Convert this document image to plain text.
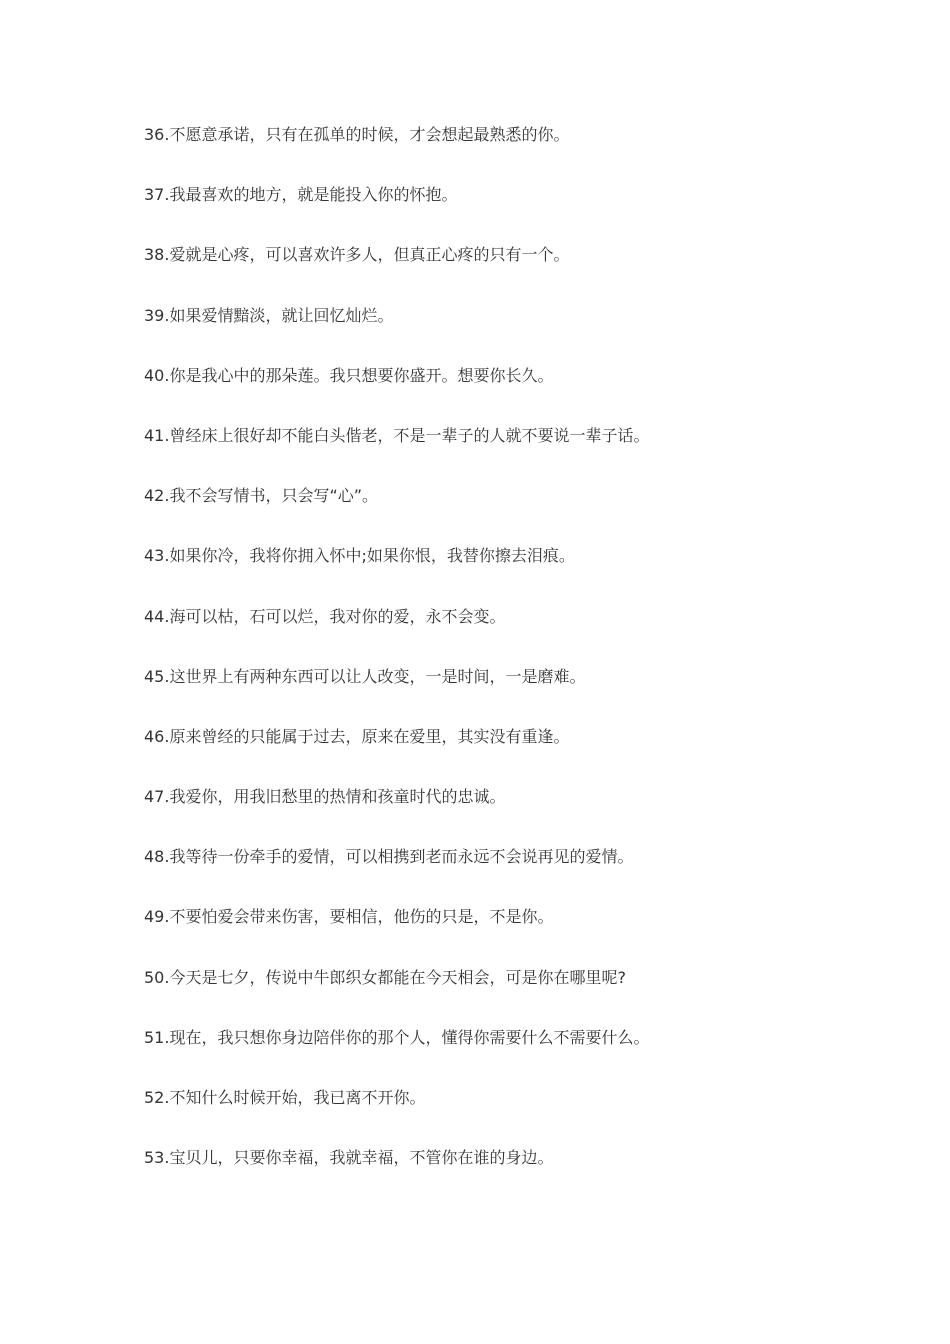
36.不愿意承诺，只有在孤单的时候，才会想起最熟悉的你。
37.我最喜欢的地方，就是能投入你的怀抱。
38.爱就是心疼，可以喜欢许多人，但真正心疼的只有一个。
39.如果爱情黯淡，就让回忆灿烂。
40.你是我心中的那朵莲。我只想要你盛开。想要你长久。
41.曾经床上很好却不能白头偕老，不是一辈子的人就不要说一辈子话。
42.我不会写情书，只会写“心”。
43.如果你冷，我将你拥入怀中;如果你恨，我替你擦去泪痕。
44.海可以枯，石可以烂，我对你的爱，永不会变。
45.这世界上有两种东西可以让人改变，一是时间，一是磨难。
46.原来曾经的只能属于过去，原来在爱里，其实没有重逢。
47.我爱你，用我旧愁里的热情和孩童时代的忠诚。
48.我等待一份牵手的爱情，可以相携到老而永远不会说再见的爱情。
49.不要怕爱会带来伤害，要相信，他伤的只是，不是你。
50.今天是七夕，传说中牛郎织女都能在今天相会，可是你在哪里呢?
51.现在，我只想你身边陪伴你的那个人，懂得你需要什么不需要什么。
52.不知什么时候开始，我已离不开你。
53.宝贝儿，只要你幸福，我就幸福，不管你在谁的身边。
